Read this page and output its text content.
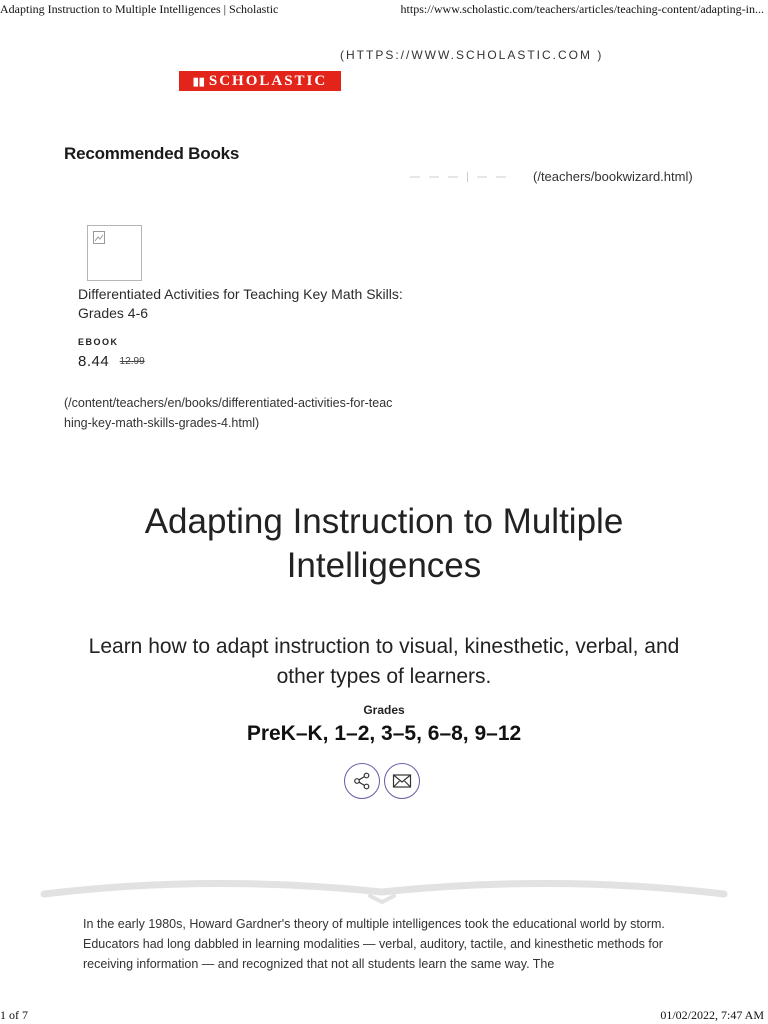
Adapting Instruction to Multiple Intelligences | Scholastic	https://www.scholastic.com/teachers/articles/teaching-content/adapting-in...
(HTTPS://WWW.SCHOLASTIC.COM )
▮▮ SCHOLASTIC
Recommended Books
(/teachers/bookwizard.html)
Differentiated Activities for Teaching Key Math Skills: Grades 4-6
EBOOK
8.44 12.99
(/content/teachers/en/books/differentiated-activities-for-teaching-key-math-skills-grades-4.html)
Adapting Instruction to Multiple Intelligences
Learn how to adapt instruction to visual, kinesthetic, verbal, and other types of learners.
Grades
PreK–K, 1–2, 3–5, 6–8, 9–12

In the early 1980s, Howard Gardner's theory of multiple intelligences took the educational world by storm. Educators had long dabbled in learning modalities — verbal, auditory, tactile, and kinesthetic methods for receiving information — and recognized that not all students learn the same way. The

1 of 7	01/02/2022, 7:47 AM
